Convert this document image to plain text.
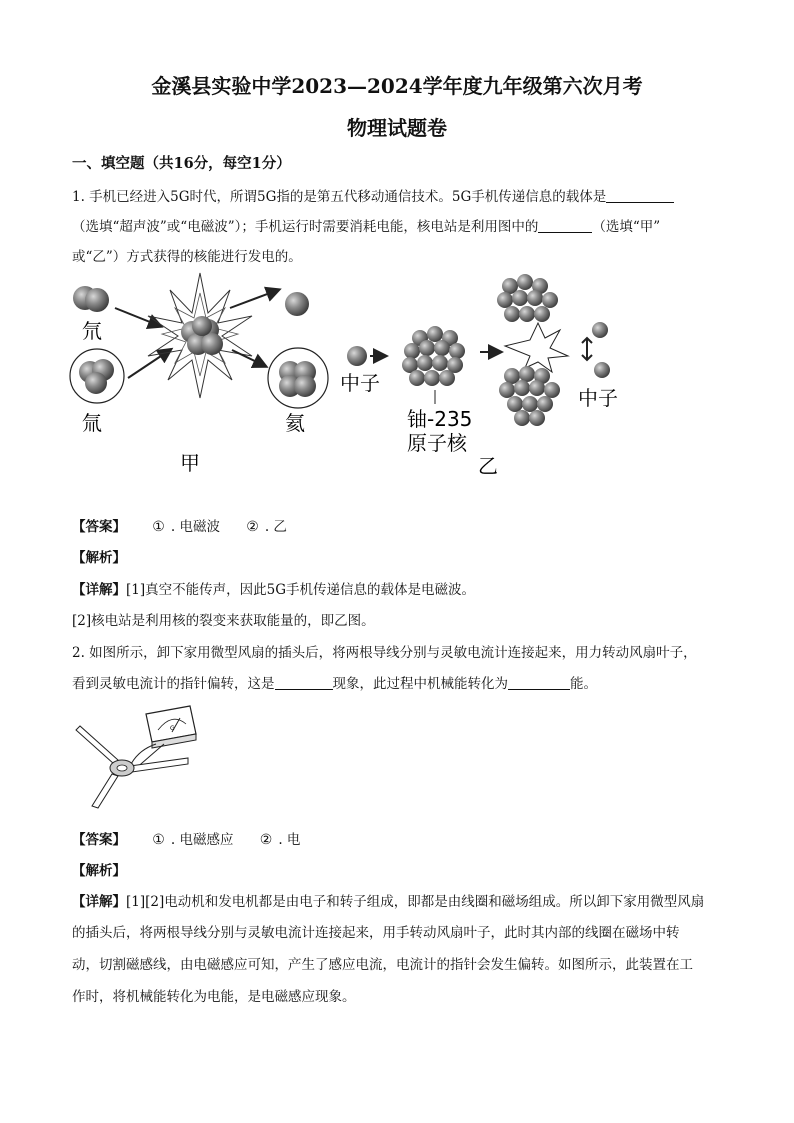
金溪县实验中学2023—2024学年度九年级第六次月考
物理试题卷
一、填空题（共16分，每空1分）
1. 手机已经进入5G时代，所谓5G指的是第五代移动通信技术。5G手机传递信息的载体是
（选填“超声波”或“电磁波”）；手机运行时需要消耗电能，核电站是利用图中的	（选填“甲”
或“乙”）方式获得的核能进行发电的。
氘
氚	氦
甲
中子
铀-235
原子核
中子
乙
【答案】 ① . 电磁波 ② . 乙
【解析】
【详解】[1]真空不能传声，因此5G手机传递信息的载体是电磁波。
[2]核电站是利用核的裂变来获取能量的，即乙图。
2. 如图所示，卸下家用微型风扇的插头后，将两根导线分别与灵敏电流计连接起来，用力转动风扇叶子，
看到灵敏电流计的指针偏转，这是	现象，此过程中机械能转化为	能。
G
【答案】 ① . 电磁感应 ② . 电
【解析】
【详解】[1][2]电动机和发电机都是由电子和转子组成，即都是由线圈和磁场组成。所以卸下家用微型风扇
的插头后，将两根导线分别与灵敏电流计连接起来，用手转动风扇叶子，此时其内部的线圈在磁场中转
动，切割磁感线，由电磁感应可知，产生了感应电流，电流计的指针会发生偏转。如图所示，此装置在工
作时，将机械能转化为电能，是电磁感应现象。
